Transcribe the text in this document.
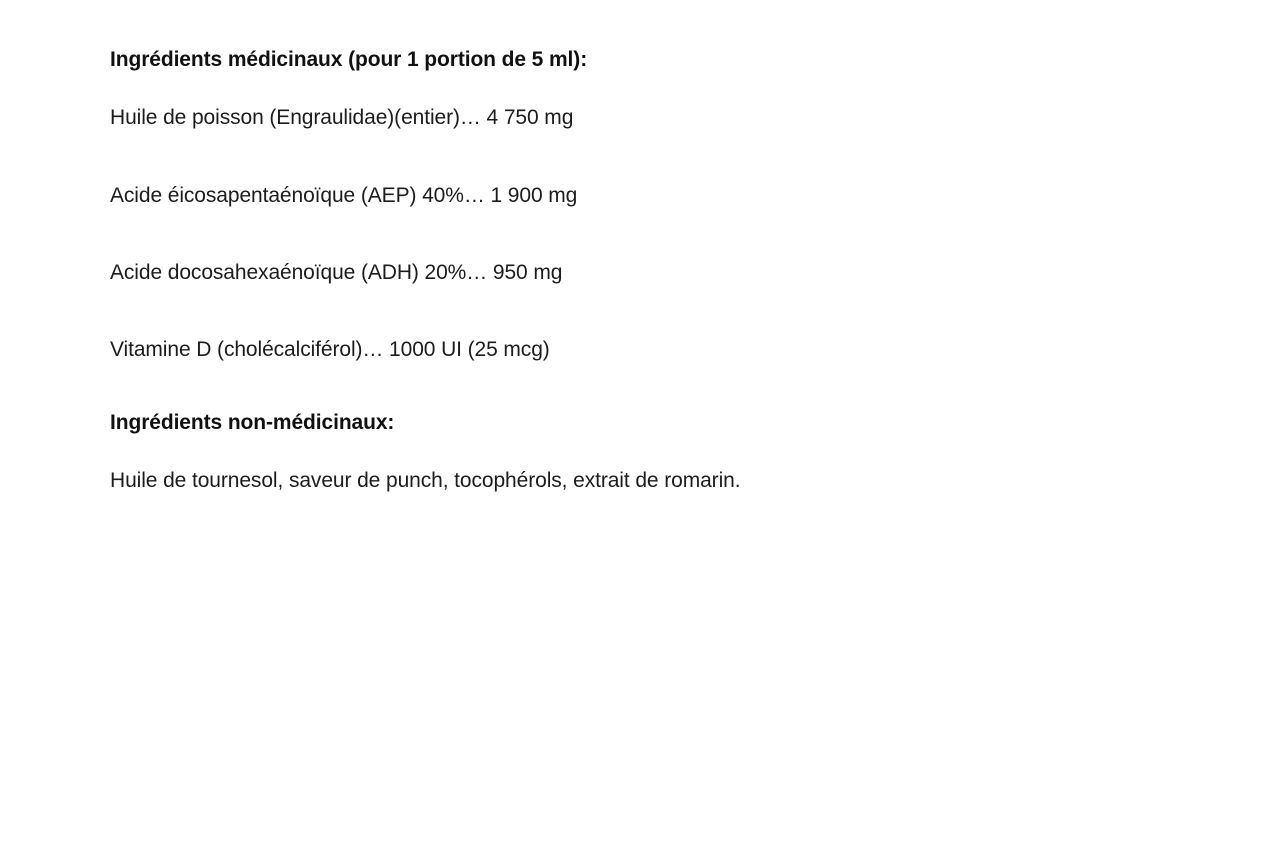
Ingrédients médicinaux (pour 1 portion de 5 ml):

Huile de poisson (Engraulidae)(entier)… 4 750 mg

Acide éicosapentaénoïque (AEP) 40%… 1 900 mg

Acide docosahexaénoïque (ADH) 20%… 950 mg

Vitamine D (cholécalciférol)… 1000 UI (25 mcg)

Ingrédients non-médicinaux:

Huile de tournesol, saveur de punch, tocophérols, extrait de romarin.
